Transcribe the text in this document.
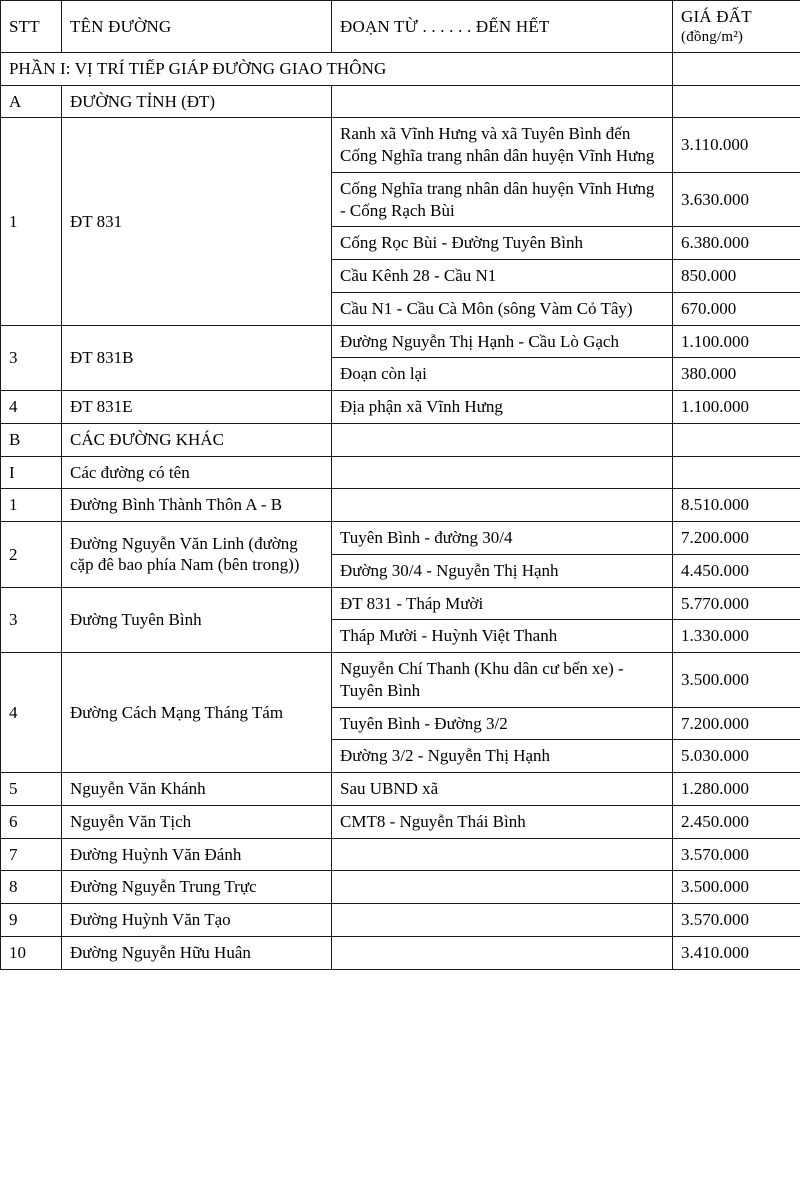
STT	TÊN ĐƯỜNG	ĐOẠN TỪ . . . . . . ĐẾN HẾT	GIÁ ĐẤT
(đồng/m²)

PHẦN I: VỊ TRÍ TIẾP GIÁP ĐƯỜNG GIAO THÔNG			
A	ĐƯỜNG TỈNH (ĐT)		
1	ĐT 831	Ranh xã Vĩnh Hưng và xã Tuyên Bình đến Cống Nghĩa trang nhân dân huyện Vĩnh Hưng	3.110.000
		Cống Nghĩa trang nhân dân huyện Vĩnh Hưng - Cống Rạch Bùi	3.630.000
		Cống Rọc Bùi - Đường Tuyên Bình	6.380.000
		Cầu Kênh 28 - Cầu N1	850.000
		Cầu N1 - Cầu Cà Môn (sông Vàm Cỏ Tây)	670.000
3	ĐT 831B	Đường Nguyễn Thị Hạnh - Cầu Lò Gạch	1.100.000
		Đoạn còn lại	380.000
4	ĐT 831E	Địa phận xã Vĩnh Hưng	1.100.000
B	CÁC ĐƯỜNG KHÁC		
I	Các đường có tên		
1	Đường Bình Thành Thôn A - B		8.510.000
2	Đường Nguyễn Văn Linh (đường cặp đê bao phía Nam (bên trong))	Tuyên Bình - đường 30/4	7.200.000
		Đường 30/4 - Nguyễn Thị Hạnh	4.450.000
3	Đường Tuyên Bình	ĐT 831 - Tháp Mười	5.770.000
		Tháp Mười - Huỳnh Việt Thanh	1.330.000
4	Đường Cách Mạng Tháng Tám	Nguyễn Chí Thanh (Khu dân cư bến xe) - Tuyên Bình	3.500.000
		Tuyên Bình - Đường 3/2	7.200.000
		Đường 3/2 - Nguyễn Thị Hạnh	5.030.000
5	Nguyễn Văn Khánh	Sau UBND xã	1.280.000
6	Nguyễn Văn Tịch	CMT8 - Nguyễn Thái Bình	2.450.000
7	Đường Huỳnh Văn Đánh		3.570.000
8	Đường Nguyễn Trung Trực		3.500.000
9	Đường Huỳnh Văn Tạo		3.570.000
10	Đường Nguyễn Hữu Huân		3.410.000
